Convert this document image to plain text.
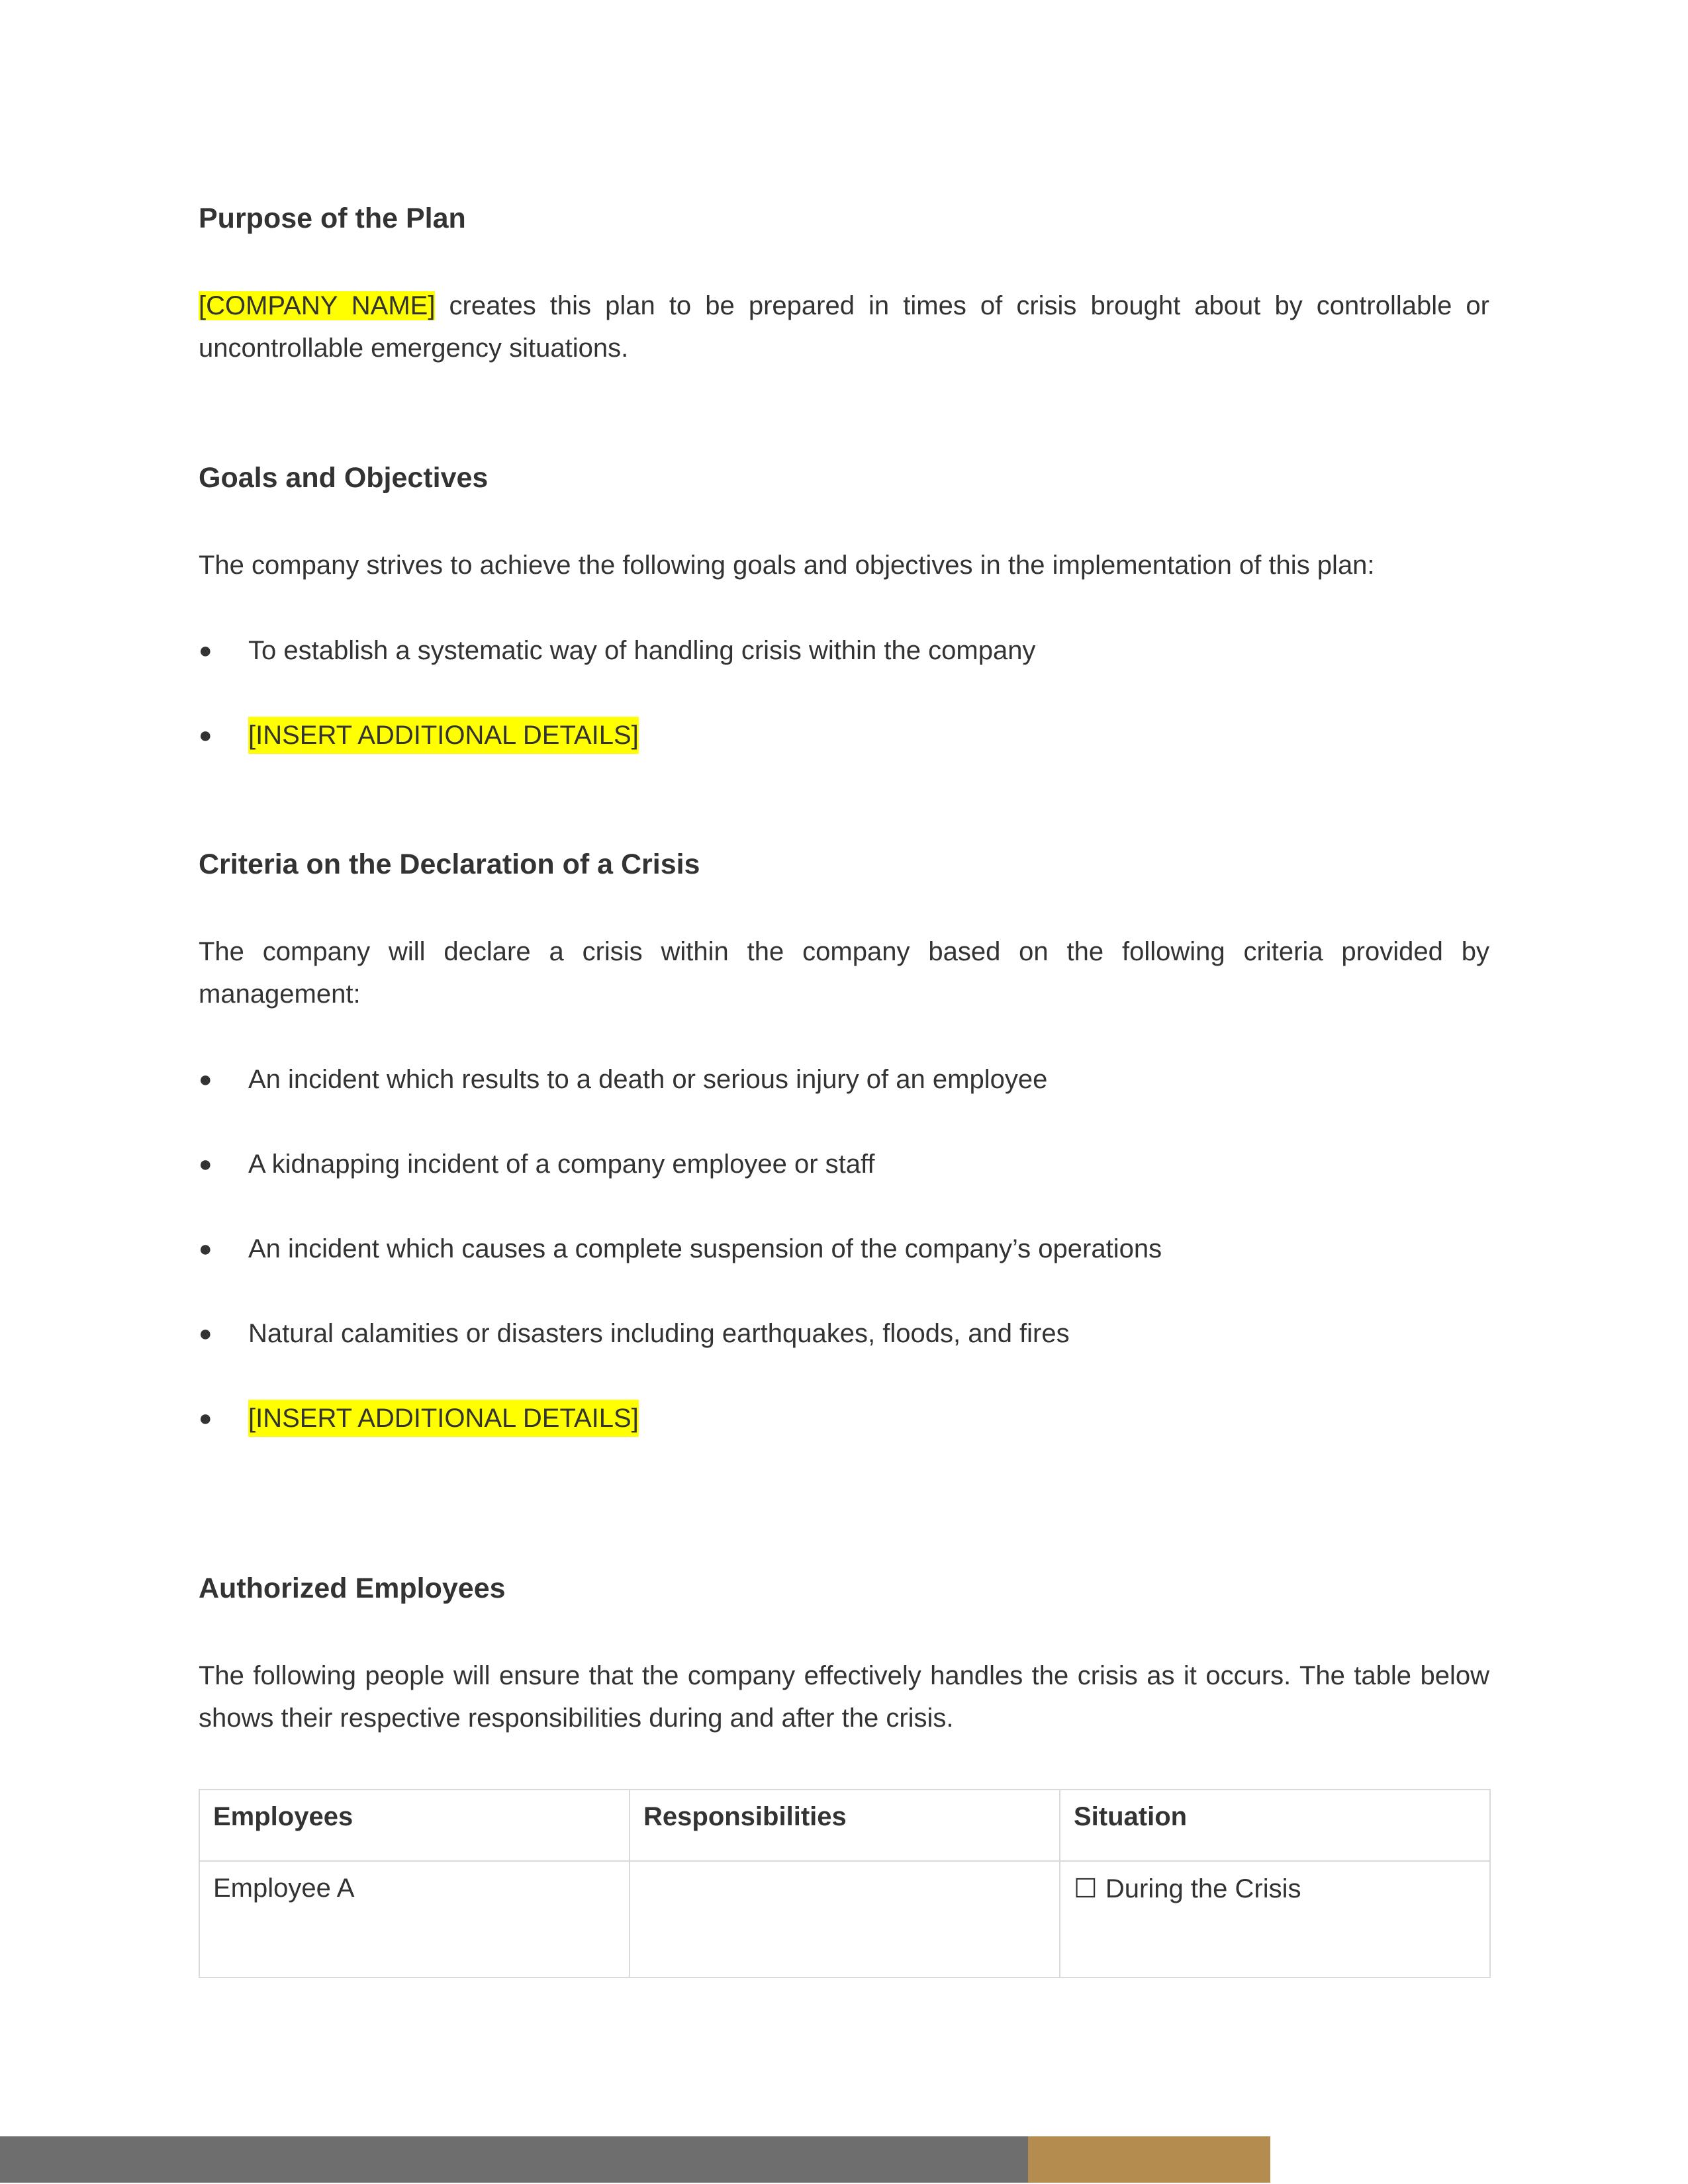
Purpose of the Plan

[COMPANY NAME] creates this plan to be prepared in times of crisis brought about by controllable or uncontrollable emergency situations.

Goals and Objectives

The company strives to achieve the following goals and objectives in the implementation of this plan:

● To establish a systematic way of handling crisis within the company
● [INSERT ADDITIONAL DETAILS]
Criteria on the Declaration of a Crisis

The company will declare a crisis within the company based on the following criteria provided by management:

● An incident which results to a death or serious injury of an employee
● A kidnapping incident of a company employee or staff
● An incident which causes a complete suspension of the company’s operations
● Natural calamities or disasters including earthquakes, floods, and fires
● [INSERT ADDITIONAL DETAILS]
Authorized Employees

The following people will ensure that the company effectively handles the crisis as it occurs. The table below shows their respective responsibilities during and after the crisis.

Employees	Responsibilities	Situation
Employee A		☐ During the Crisis
